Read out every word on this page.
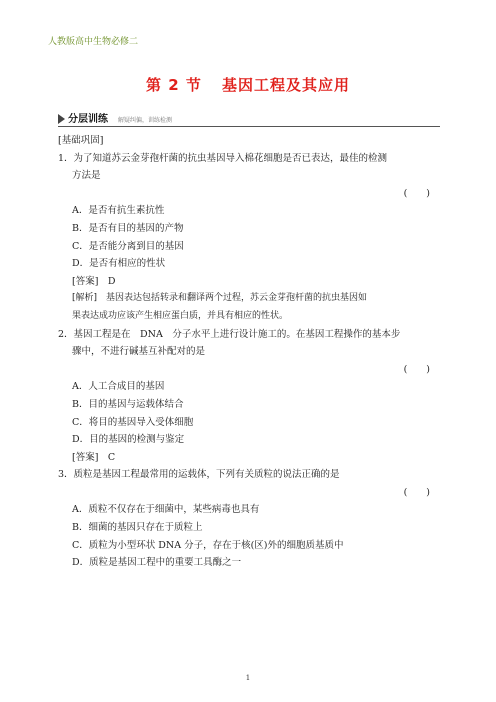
人教版高中生物必修二
第 2 节 基因工程及其应用
分层训练 解疑纠偏，训练检测
[基础巩固]
1．为了知道苏云金芽孢杆菌的抗虫基因导入棉花细胞是否已表达，最佳的检测
方法是
(　　)
A．是否有抗生素抗性
B．是否有目的基因的产物
C．是否能分离到目的基因
D．是否有相应的性状
[答案]　D
[解析]　基因表达包括转录和翻译两个过程，苏云金芽孢杆菌的抗虫基因如
果表达成功应该产生相应蛋白质，并具有相应的性状。
2．基因工程是在　DNA　分子水平上进行设计施工的。在基因工程操作的基本步
骤中，不进行碱基互补配对的是
(　　)
A．人工合成目的基因
B．目的基因与运载体结合
C．将目的基因导入受体细胞
D．目的基因的检测与鉴定
[答案]　C
3．质粒是基因工程最常用的运载体，下列有关质粒的说法正确的是
(　　)
A．质粒不仅存在于细菌中，某些病毒也具有
B．细菌的基因只存在于质粒上
C．质粒为小型环状 DNA 分子，存在于核(区)外的细胞质基质中
D．质粒是基因工程中的重要工具酶之一
1
